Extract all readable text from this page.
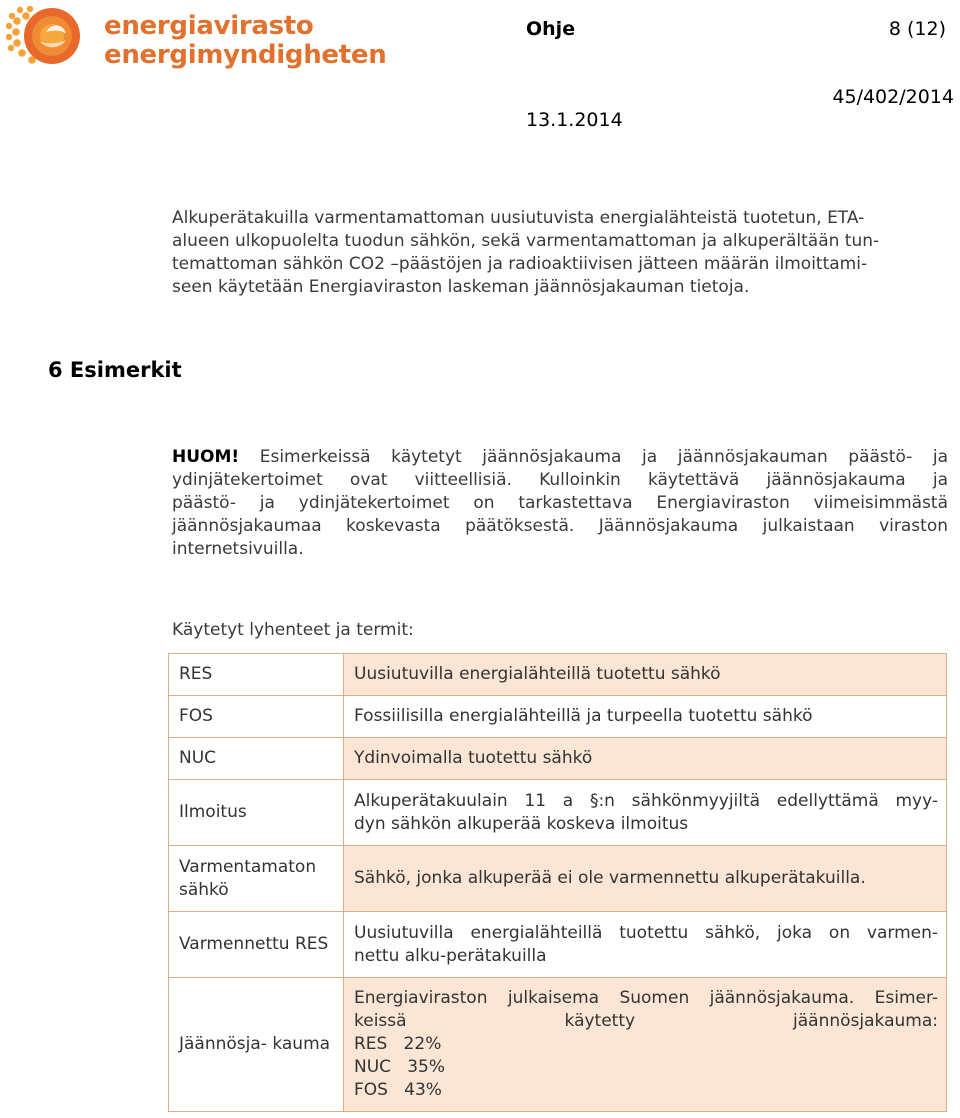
energiavirasto
energimyndigheten
Ohje	8 (12)
13.1.2014
45/402/2014
Alkuperätakuilla varmentamattoman uusiutuvista energialähteistä tuotetun, ETA-
alueen ulkopuolelta tuodun sähkön, sekä varmentamattoman ja alkuperältään tun-
temattoman sähkön CO2 –päästöjen ja radioaktiivisen jätteen määrän ilmoittami-
seen käytetään Energiaviraston laskeman jäännösjakauman tietoja.
6 Esimerkit
HUOM! Esimerkeissä käytetyt jäännösjakauma ja jäännösjakauman päästö- ja
ydinjätekertoimet ovat viitteellisiä. Kulloinkin käytettävä jäännösjakauma ja
päästö- ja ydinjätekertoimet on tarkastettava Energiaviraston viimeisimmästä
jäännösjakaumaa koskevasta päätöksestä. Jäännösjakauma julkaistaan viraston
internetsivuilla.
Käytetyt lyhenteet ja termit:
RES	Uusiutuvilla energialähteillä tuotettu sähkö

FOS	Fossiilisilla energialähteillä ja turpeella tuotettu sähkö

NUC	Ydinvoimalla tuotettu sähkö

Ilmoitus	Alkuperätakuulain 11 a §:n sähkönmyyjiltä edellyttämä myy-
dyn sähkön alkuperää koskeva ilmoitus

Varmentamaton sähkö	Sähkö, jonka alkuperää ei ole varmennettu alkuperätakuilla.

Varmennettu RES	Uusiutuvilla energialähteillä tuotettu sähkö, joka on varmen-
nettu alku-perätakuilla

Jäännösja- kauma	Energiaviraston julkaisema Suomen jäännösjakauma. Esimer-
keissä käytetty jäännösjakauma:
RES   22%
NUC   35%
FOS   43%
